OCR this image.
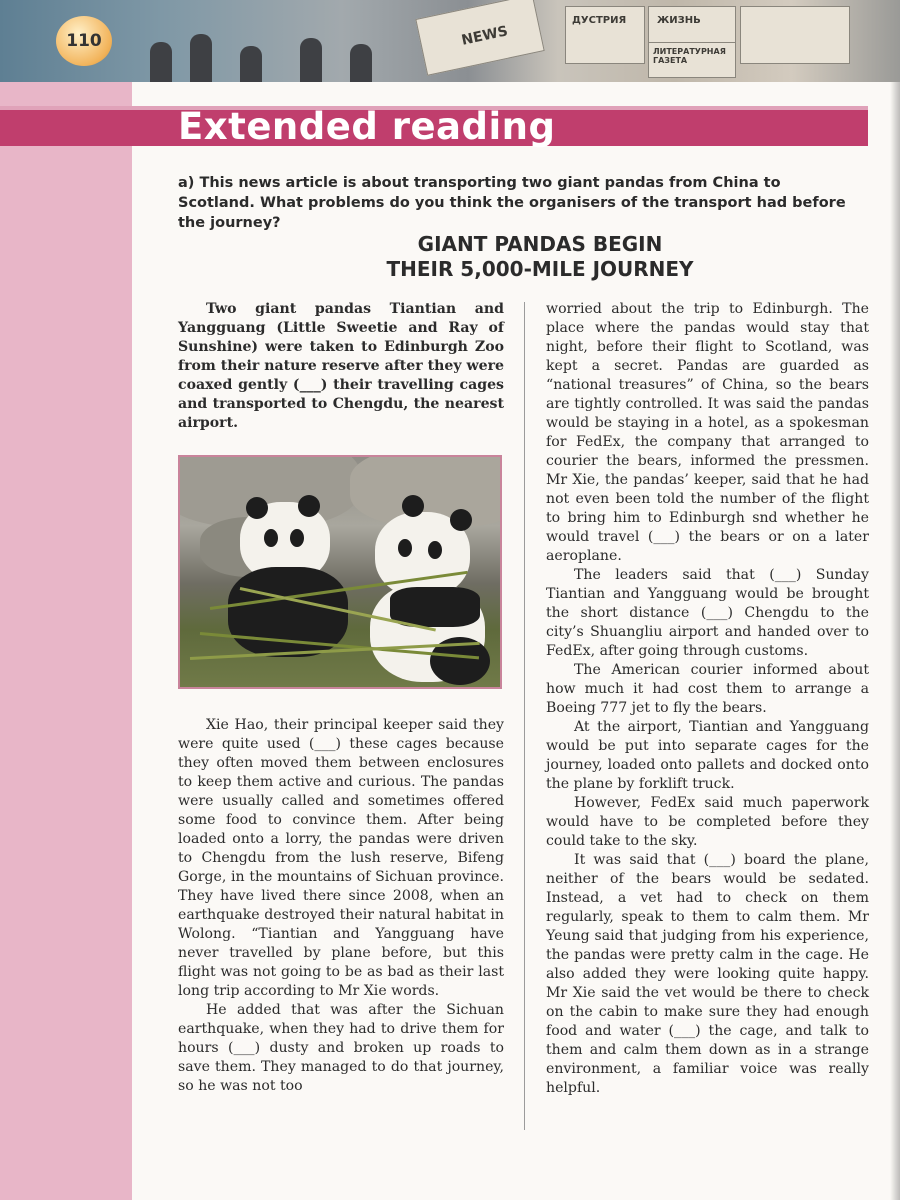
NEWS
ДУСТРИЯ	ЖИЗНЬ
ЛИТЕРАТУРНАЯ ГАЗЕТА
110
Extended reading
a) This news article is about transporting two giant pandas from China to Scotland. What problems do you think the organisers of the transport had before the journey?
GIANT PANDAS BEGIN
THEIR 5,000-MILE JOURNEY

Two giant pandas Tiantian and Yangguang (Little Sweetie and Ray of Sunshine) were taken to Edinburgh Zoo from their nature reserve after they were coaxed gently (___) their travelling cages and transported to Chengdu, the nearest airport.

Xie Hao, their principal keeper said they were quite used (___) these cages because they often moved them between enclosures to keep them active and curious. The pandas were usually called and sometimes offered some food to convince them. After being loaded onto a lorry, the pandas were driven to Chengdu from the lush reserve, Bifeng Gorge, in the mountains of Sichuan province. They have lived there since 2008, when an earthquake destroyed their natural habitat in Wolong. “Tiantian and Yangguang have never travelled by plane before, but this flight was not going to be as bad as their last long trip according to Mr Xie words.

He added that was after the Sichuan earthquake, when they had to drive them for hours (___) dusty and broken up roads to save them. They managed to do that journey, so he was not too

worried about the trip to Edinburgh. The place where the pandas would stay that night, before their flight to Scotland, was kept a secret. Pandas are guarded as “national treasures” of China, so the bears are tightly controlled. It was said the pandas would be staying in a hotel, as a spokesman for FedEx, the company that arranged to courier the bears, informed the pressmen. Mr Xie, the pandas’ keeper, said that he had not even been told the number of the flight to bring him to Edinburgh snd whether he would travel (___) the bears or on a later aeroplane.

The leaders said that (___) Sunday Tiantian and Yangguang would be brought the short distance (___) Chengdu to the city’s Shuangliu airport and handed over to FedEx, after going through customs.

The American courier informed about how much it had cost them to arrange a Boeing 777 jet to fly the bears.

At the airport, Tiantian and Yangguang would be put into separate cages for the journey, loaded onto pallets and docked onto the plane by forklift truck.

However, FedEx said much paperwork would have to be completed before they could take to the sky.

It was said that (___) board the plane, neither of the bears would be sedated. Instead, a vet had to check on them regularly, speak to them to calm them. Mr Yeung said that judging from his experience, the pandas were pretty calm in the cage. He also added they were looking quite happy. Mr Xie said the vet would be there to check on the cabin to make sure they had enough food and water (___) the cage, and talk to them and calm them down as in a strange environment, a familiar voice was really helpful.
